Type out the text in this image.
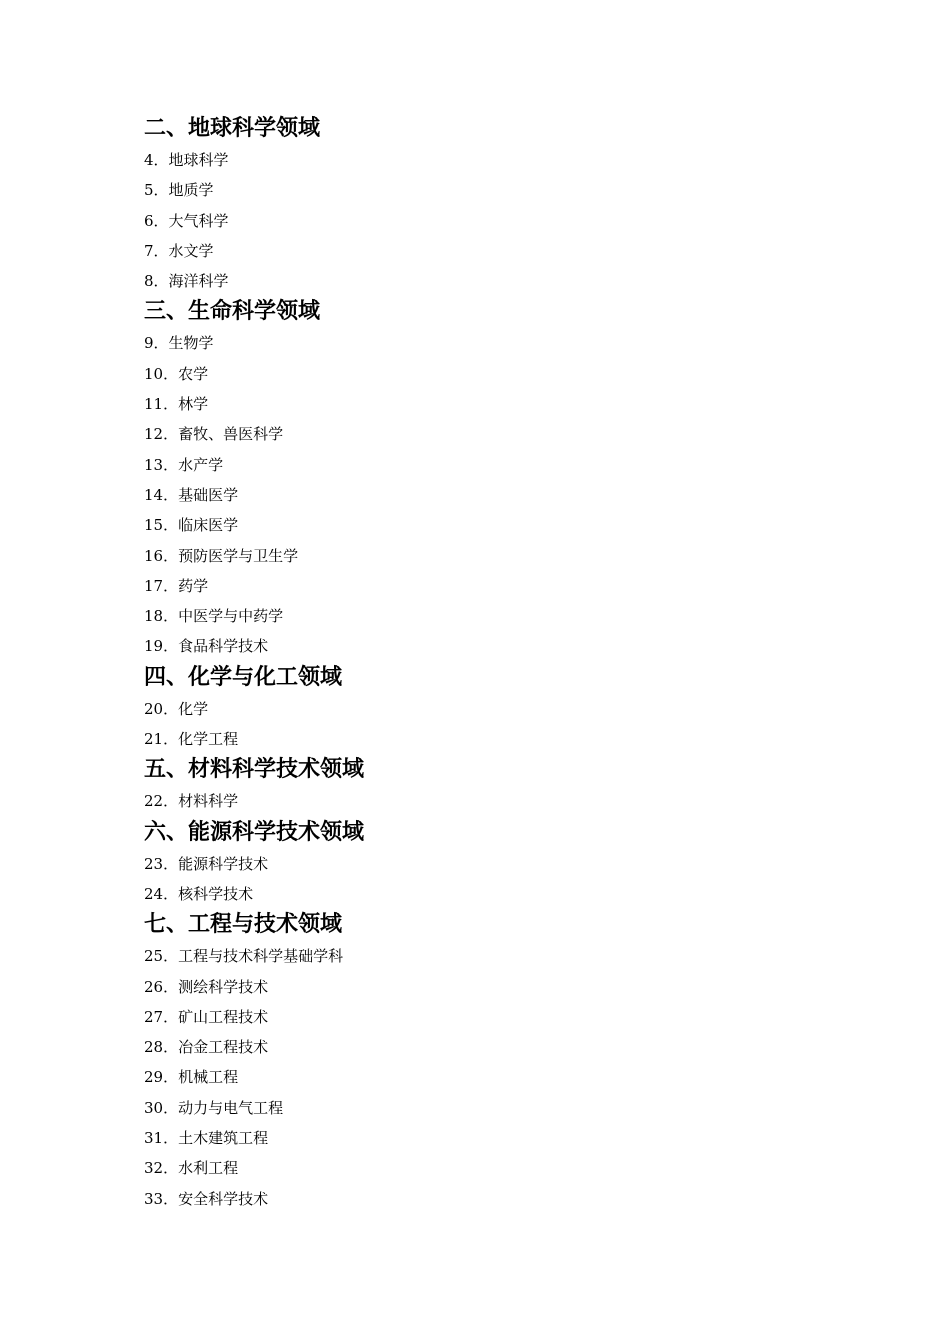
二、地球科学领域
4．地球科学
5．地质学
6．大气科学
7．水文学
8．海洋科学
三、生命科学领域
9．生物学
10．农学
11．林学
12．畜牧、兽医科学
13．水产学
14．基础医学
15．临床医学
16．预防医学与卫生学
17．药学
18．中医学与中药学
19．食品科学技术
四、化学与化工领域
20．化学
21．化学工程
五、材料科学技术领域
22．材料科学
六、能源科学技术领域
23．能源科学技术
24．核科学技术
七、工程与技术领域
25．工程与技术科学基础学科
26．测绘科学技术
27．矿山工程技术
28．冶金工程技术
29．机械工程
30．动力与电气工程
31．土木建筑工程
32．水利工程
33．安全科学技术
